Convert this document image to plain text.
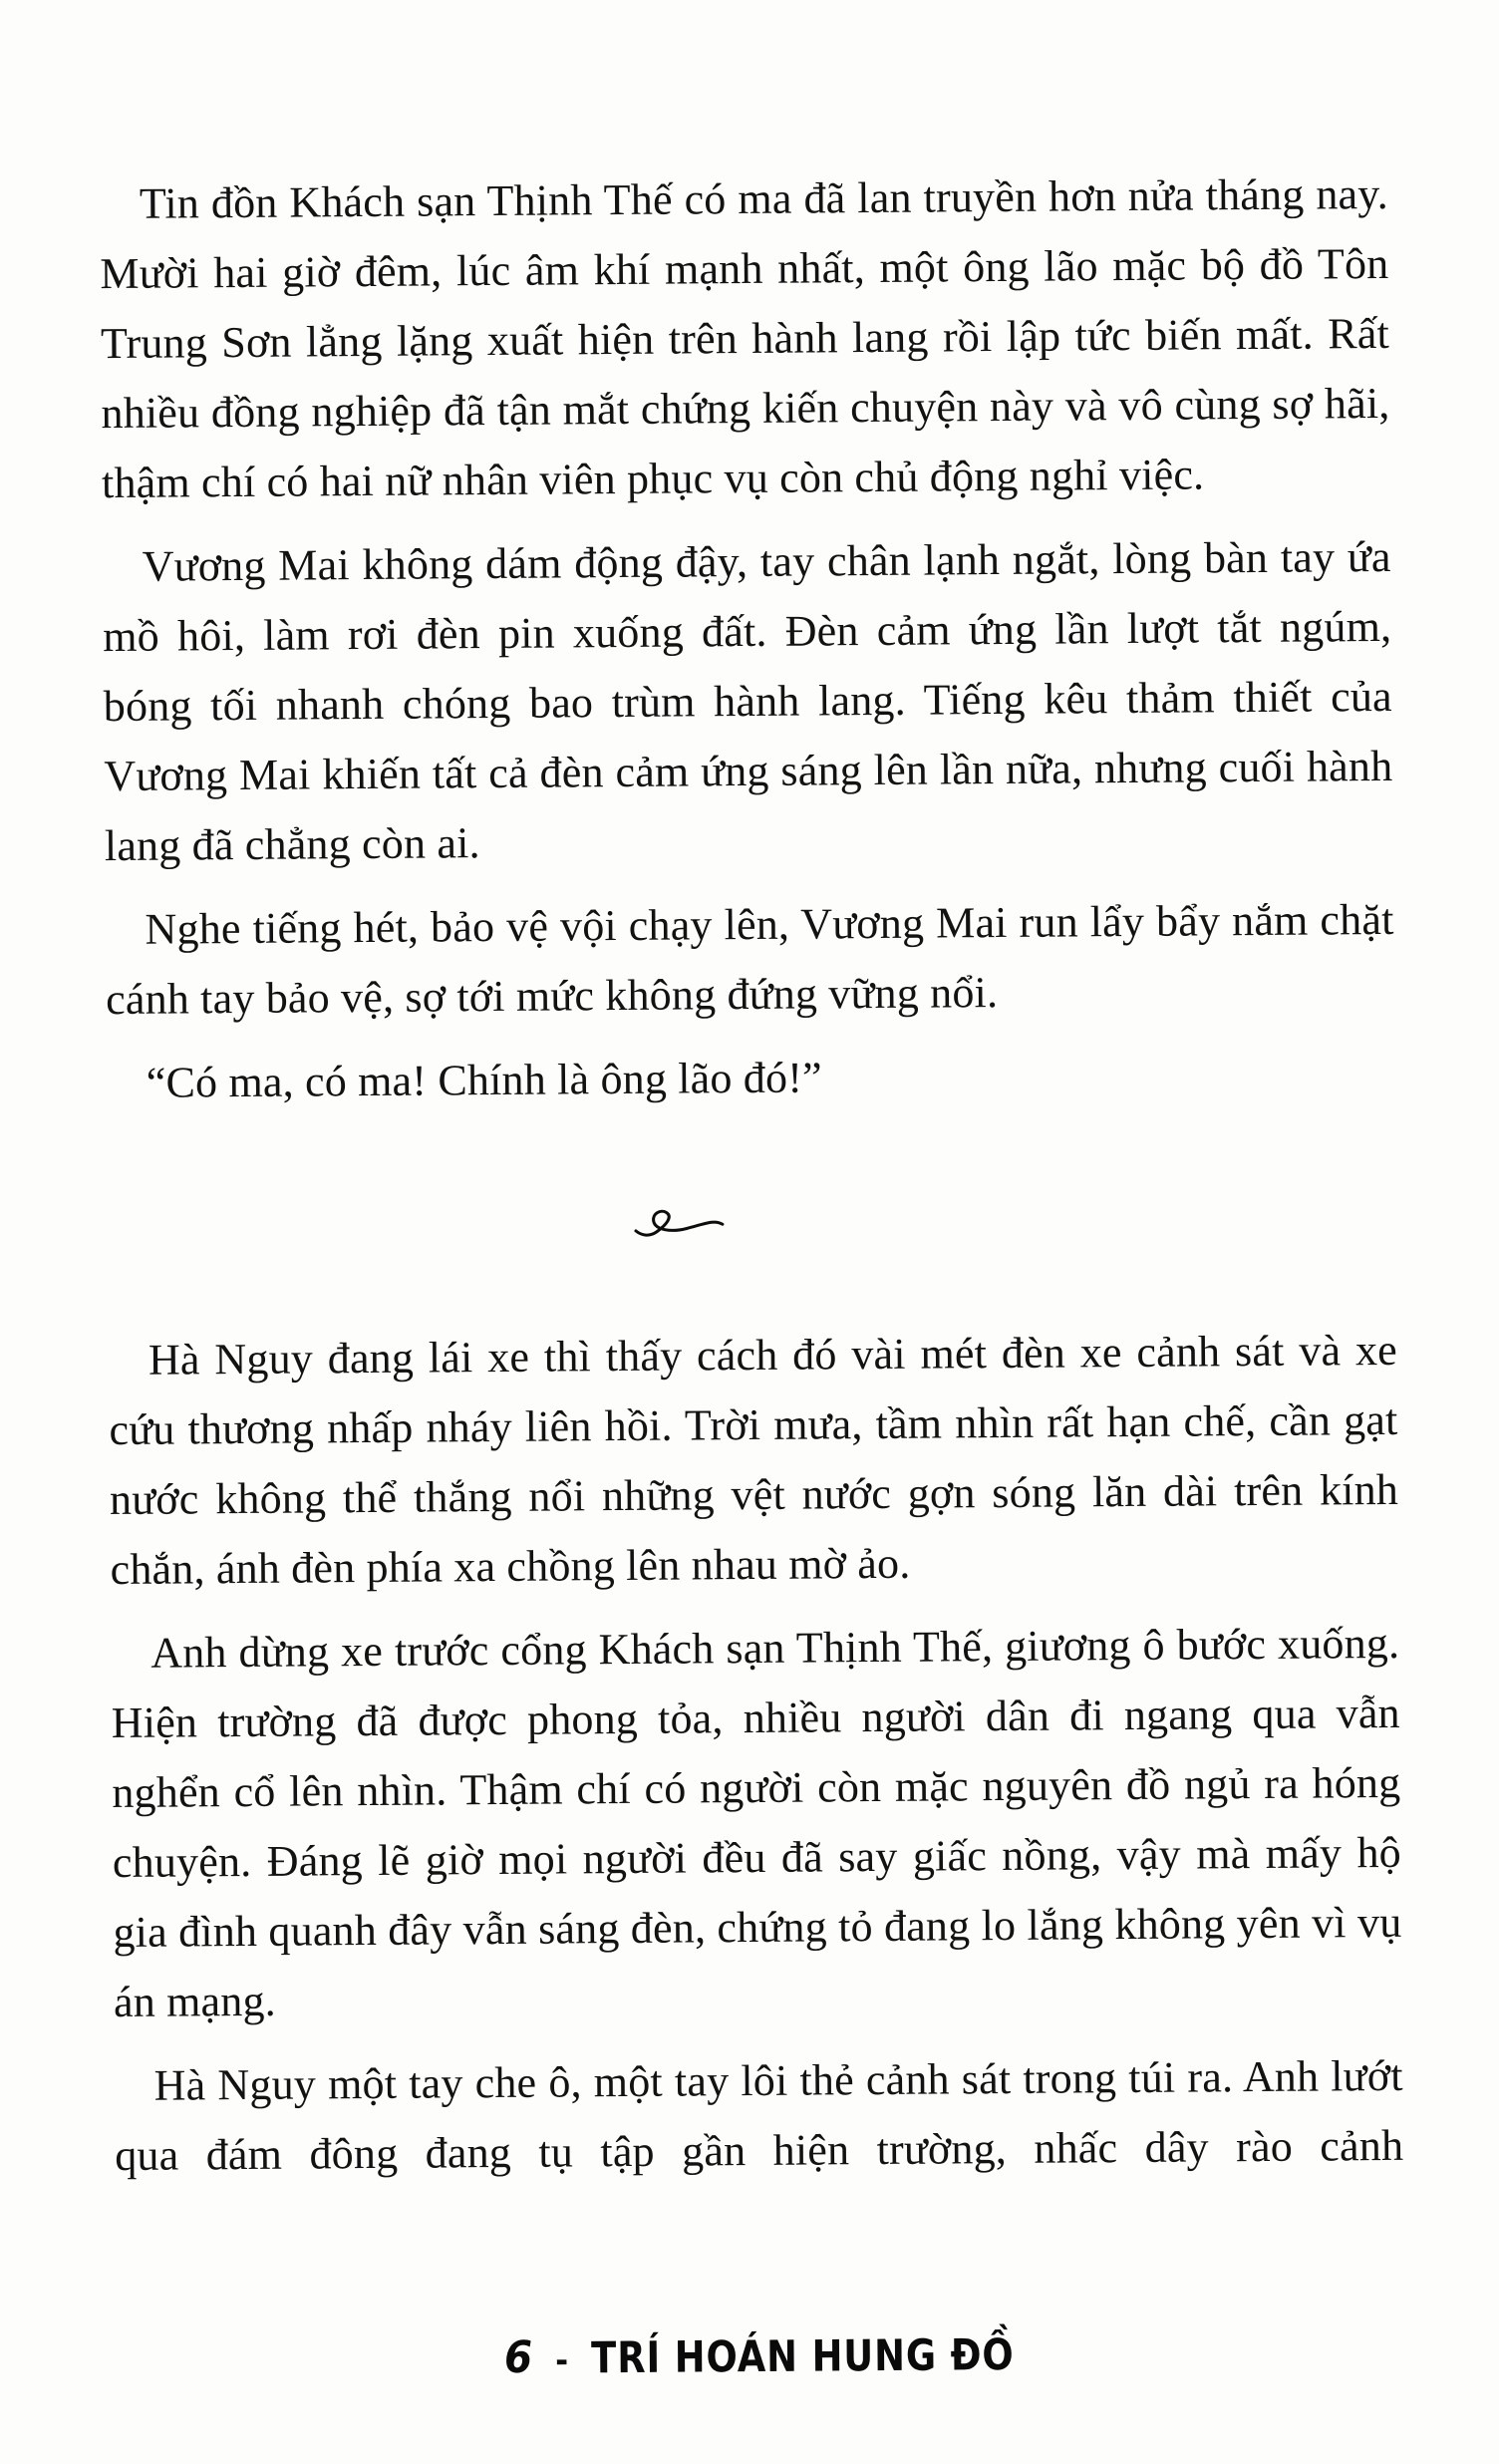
Tin đồn Khách sạn Thịnh Thế có ma đã lan truyền hơn nửa tháng nay. Mười hai giờ đêm, lúc âm khí mạnh nhất, một ông lão mặc bộ đồ Tôn Trung Sơn lẳng lặng xuất hiện trên hành lang rồi lập tức biến mất. Rất nhiều đồng nghiệp đã tận mắt chứng kiến chuyện này và vô cùng sợ hãi, thậm chí có hai nữ nhân viên phục vụ còn chủ động nghỉ việc.

Vương Mai không dám động đậy, tay chân lạnh ngắt, lòng bàn tay ứa mồ hôi, làm rơi đèn pin xuống đất. Đèn cảm ứng lần lượt tắt ngúm, bóng tối nhanh chóng bao trùm hành lang. Tiếng kêu thảm thiết của Vương Mai khiến tất cả đèn cảm ứng sáng lên lần nữa, nhưng cuối hành lang đã chẳng còn ai.

Nghe tiếng hét, bảo vệ vội chạy lên, Vương Mai run lẩy bẩy nắm chặt cánh tay bảo vệ, sợ tới mức không đứng vững nổi.

“Có ma, có ma! Chính là ông lão đó!”

Hà Nguy đang lái xe thì thấy cách đó vài mét đèn xe cảnh sát và xe cứu thương nhấp nháy liên hồi. Trời mưa, tầm nhìn rất hạn chế, cần gạt nước không thể thắng nổi những vệt nước gợn sóng lăn dài trên kính chắn, ánh đèn phía xa chồng lên nhau mờ ảo.

Anh dừng xe trước cổng Khách sạn Thịnh Thế, giương ô bước xuống. Hiện trường đã được phong tỏa, nhiều người dân đi ngang qua vẫn nghển cổ lên nhìn. Thậm chí có người còn mặc nguyên đồ ngủ ra hóng chuyện. Đáng lẽ giờ mọi người đều đã say giấc nồng, vậy mà mấy hộ gia đình quanh đây vẫn sáng đèn, chứng tỏ đang lo lắng không yên vì vụ án mạng.

Hà Nguy một tay che ô, một tay lôi thẻ cảnh sát trong túi ra. Anh lướt qua đám đông đang tụ tập gần hiện trường, nhấc dây rào cảnh

6 - TRÍ HOÁN HUNG ĐỒ
